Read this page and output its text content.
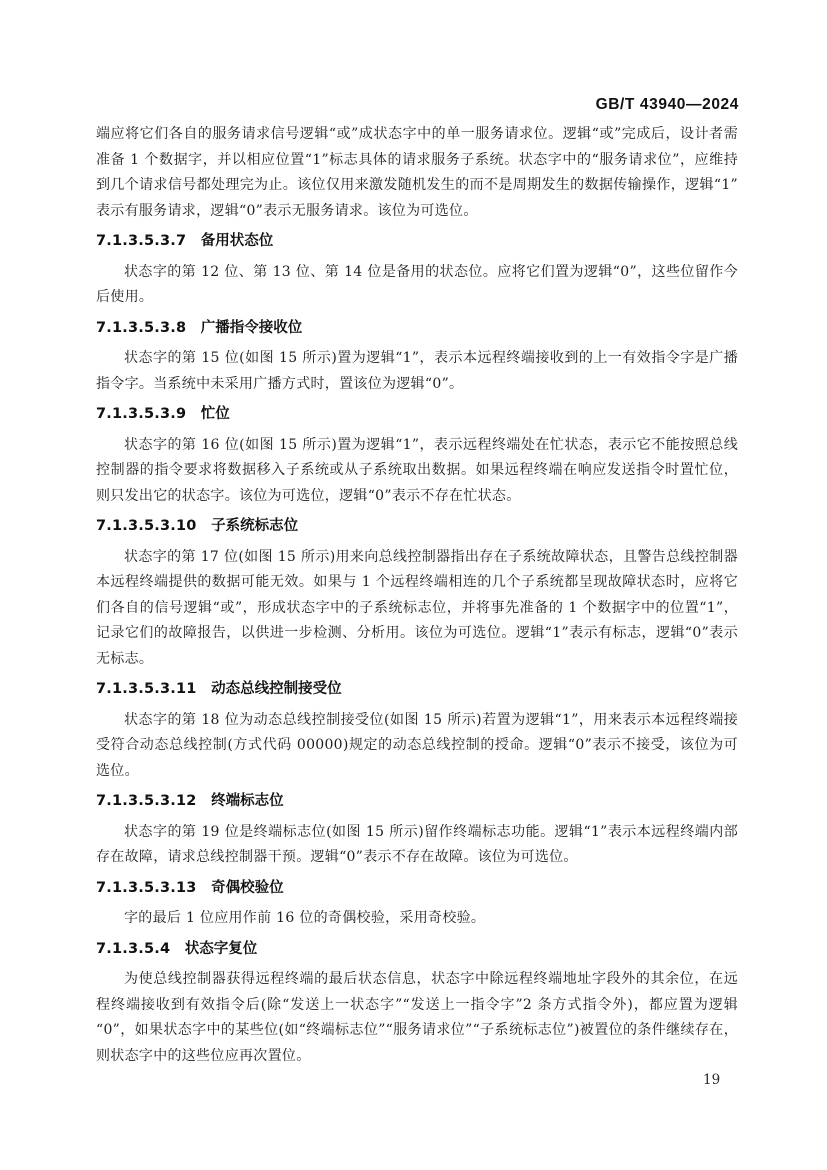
GB/T 43940—2024

端应将它们各自的服务请求信号逻辑“或”成状态字中的单一服务请求位。逻辑“或”完成后，设计者需准备 1 个数据字，并以相应位置“1”标志具体的请求服务子系统。状态字中的“服务请求位”，应维持到几个请求信号都处理完为止。该位仅用来激发随机发生的而不是周期发生的数据传输操作，逻辑“1”表示有服务请求，逻辑“0”表示无服务请求。该位为可选位。

7.1.3.5.3.7 备用状态位

状态字的第 12 位、第 13 位、第 14 位是备用的状态位。应将它们置为逻辑“0”，这些位留作今后使用。

7.1.3.5.3.8 广播指令接收位

状态字的第 15 位(如图 15 所示)置为逻辑“1”，表示本远程终端接收到的上一有效指令字是广播指令字。当系统中未采用广播方式时，置该位为逻辑“0”。

7.1.3.5.3.9 忙位

状态字的第 16 位(如图 15 所示)置为逻辑“1”，表示远程终端处在忙状态，表示它不能按照总线控制器的指令要求将数据移入子系统或从子系统取出数据。如果远程终端在响应发送指令时置忙位，则只发出它的状态字。该位为可选位，逻辑“0”表示不存在忙状态。

7.1.3.5.3.10 子系统标志位

状态字的第 17 位(如图 15 所示)用来向总线控制器指出存在子系统故障状态，且警告总线控制器本远程终端提供的数据可能无效。如果与 1 个远程终端相连的几个子系统都呈现故障状态时，应将它们各自的信号逻辑“或”，形成状态字中的子系统标志位，并将事先准备的 1 个数据字中的位置“1”，记录它们的故障报告，以供进一步检测、分析用。该位为可选位。逻辑“1”表示有标志，逻辑“0”表示无标志。

7.1.3.5.3.11 动态总线控制接受位

状态字的第 18 位为动态总线控制接受位(如图 15 所示)若置为逻辑“1”，用来表示本远程终端接受符合动态总线控制(方式代码 00000)规定的动态总线控制的授命。逻辑“0”表示不接受，该位为可选位。

7.1.3.5.3.12 终端标志位

状态字的第 19 位是终端标志位(如图 15 所示)留作终端标志功能。逻辑“1”表示本远程终端内部存在故障，请求总线控制器干预。逻辑“0”表示不存在故障。该位为可选位。

7.1.3.5.3.13 奇偶校验位

字的最后 1 位应用作前 16 位的奇偶校验，采用奇校验。

7.1.3.5.4 状态字复位

为使总线控制器获得远程终端的最后状态信息，状态字中除远程终端地址字段外的其余位，在远程终端接收到有效指令后(除“发送上一状态字”“发送上一指令字”2 条方式指令外)，都应置为逻辑“0”，如果状态字中的某些位(如“终端标志位”“服务请求位”“子系统标志位”)被置位的条件继续存在，则状态字中的这些位应再次置位。

19
